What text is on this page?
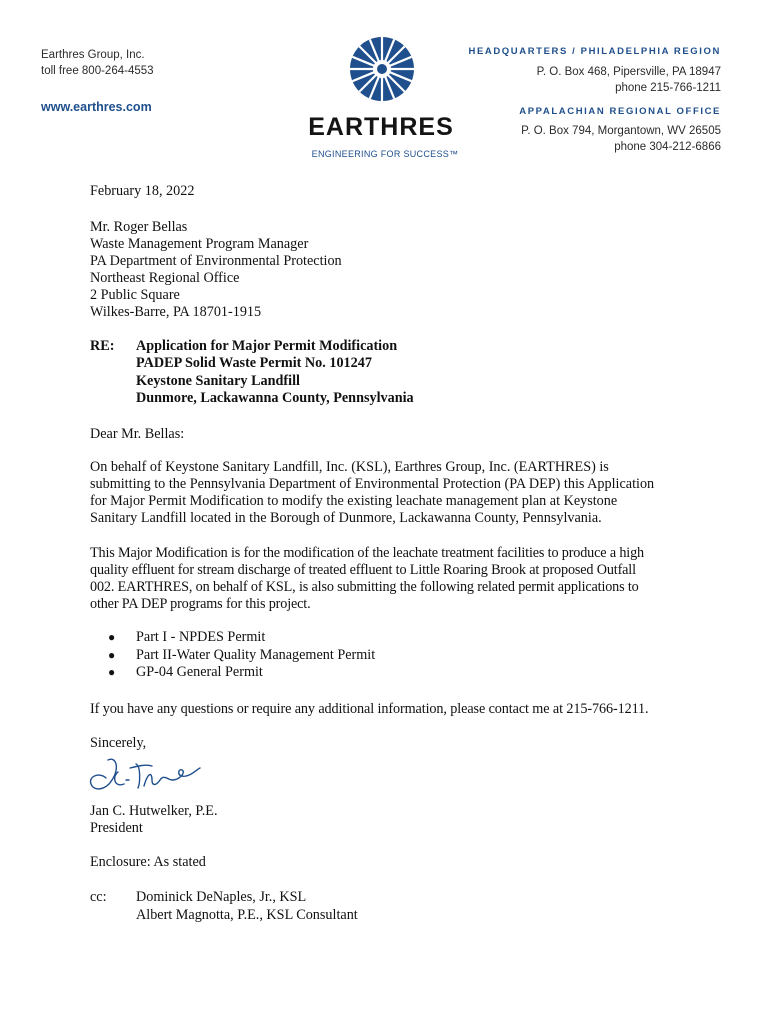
Earthres Group, Inc.
toll free 800-264-4553
www.earthres.com
EARTHRES
ENGINEERING FOR SUCCESS™
HEADQUARTERS / PHILADELPHIA REGION
P. O. Box 468, Pipersville, PA 18947
phone 215-766-1211
APPALACHIAN REGIONAL OFFICE
P. O. Box 794, Morgantown, WV 26505
phone 304-212-6866
February 18, 2022
Mr. Roger Bellas
Waste Management Program Manager
PA Department of Environmental Protection
Northeast Regional Office
2 Public Square
Wilkes-Barre, PA 18701-1915
RE: Application for Major Permit Modification
PADEP Solid Waste Permit No. 101247
Keystone Sanitary Landfill
Dunmore, Lackawanna County, Pennsylvania
Dear Mr. Bellas:
On behalf of Keystone Sanitary Landfill, Inc. (KSL), Earthres Group, Inc. (EARTHRES) is
submitting to the Pennsylvania Department of Environmental Protection (PA DEP) this Application
for Major Permit Modification to modify the existing leachate management plan at Keystone
Sanitary Landfill located in the Borough of Dunmore, Lackawanna County, Pennsylvania.
This Major Modification is for the modification of the leachate treatment facilities to produce a high
quality effluent for stream discharge of treated effluent to Little Roaring Brook at proposed Outfall
002. EARTHRES, on behalf of KSL, is also submitting the following related permit applications to
other PA DEP programs for this project.
●	Part I - NPDES Permit
●	Part II-Water Quality Management Permit
●	GP-04 General Permit
If you have any questions or require any additional information, please contact me at 215-766-1211.
Sincerely,
Jan C. Hutwelker, P.E.
President
Enclosure: As stated
cc: Dominick DeNaples, Jr., KSL
Albert Magnotta, P.E., KSL Consultant
